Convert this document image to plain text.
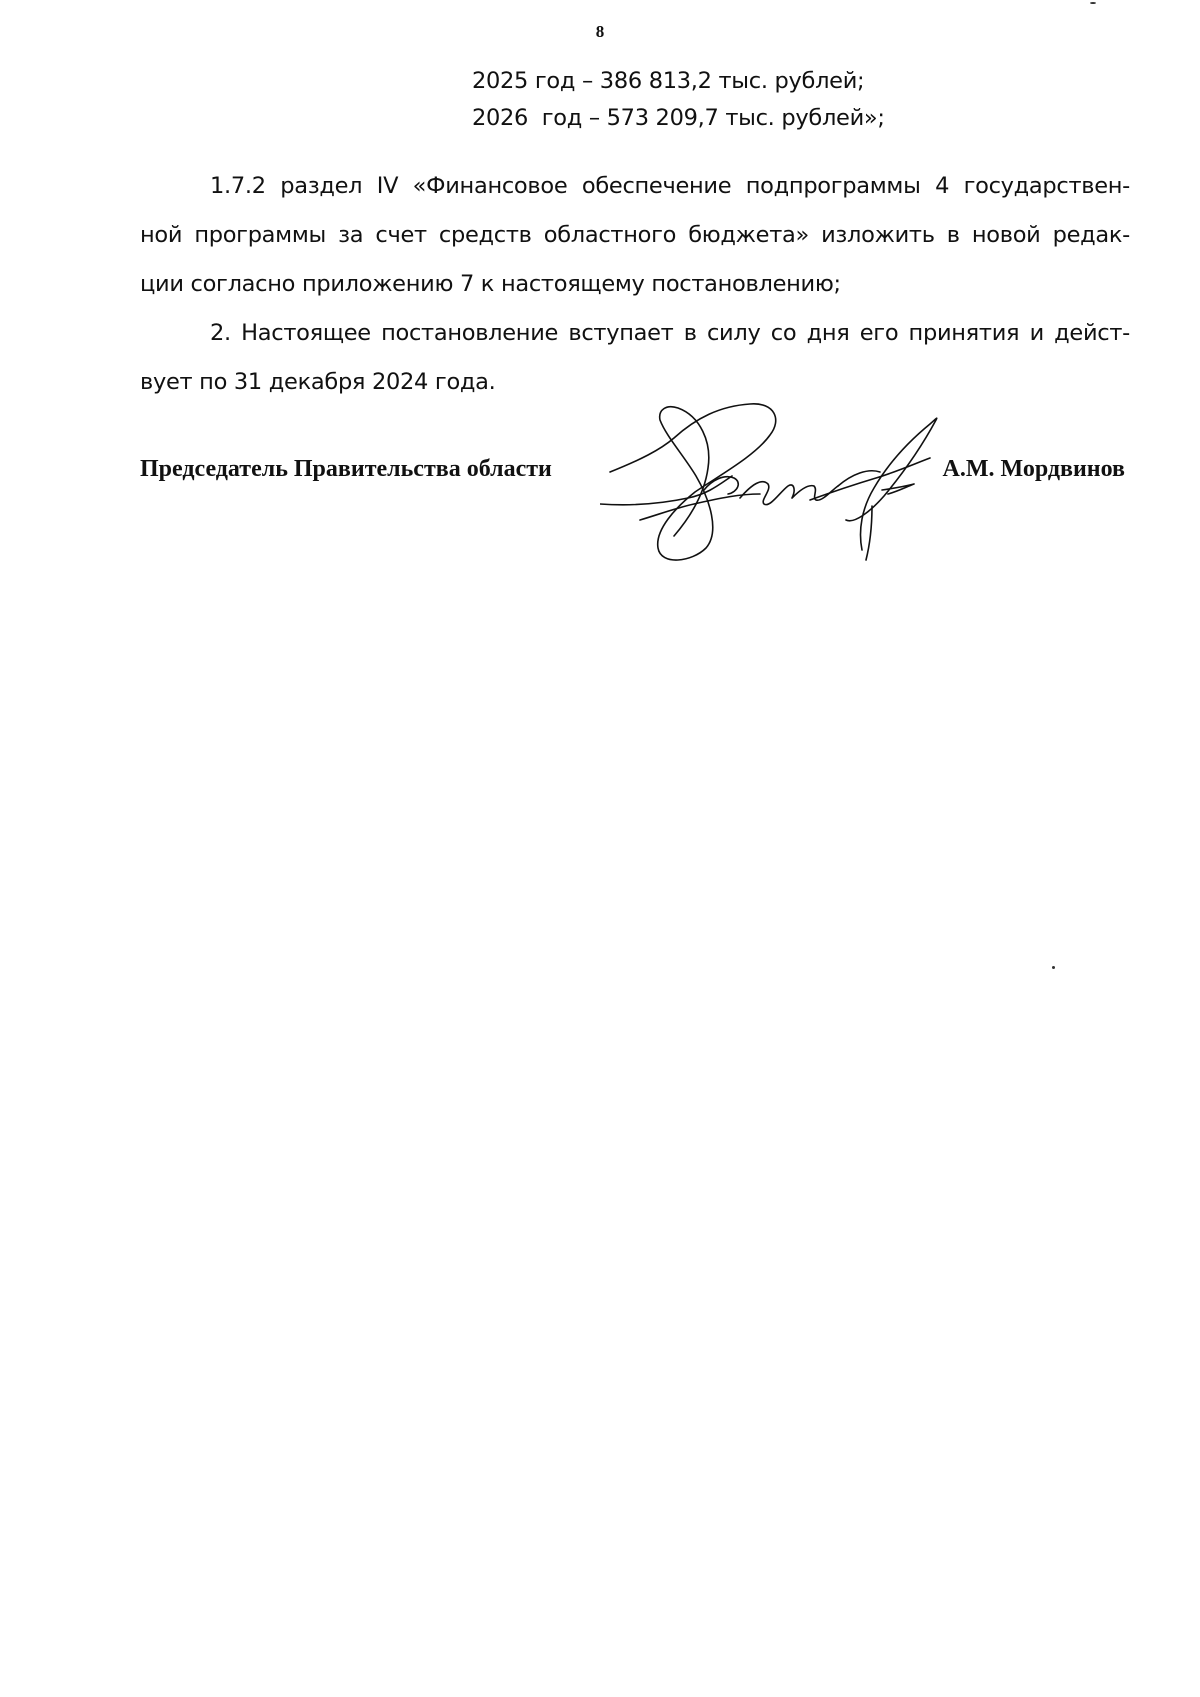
8
2025 год – 386 813,2 тыс. рублей;
2026  год – 573 209,7 тыс. рублей»;
1.7.2 раздел IV «Финансовое обеспечение подпрограммы 4 государствен-
ной программы за счет средств областного бюджета» изложить в новой редак-
ции согласно приложению 7 к настоящему постановлению;
2. Настоящее постановление вступает в силу со дня его принятия и дейст-
вует по 31 декабря 2024 года.
Председатель Правительства области	А.М. Мордвинов
